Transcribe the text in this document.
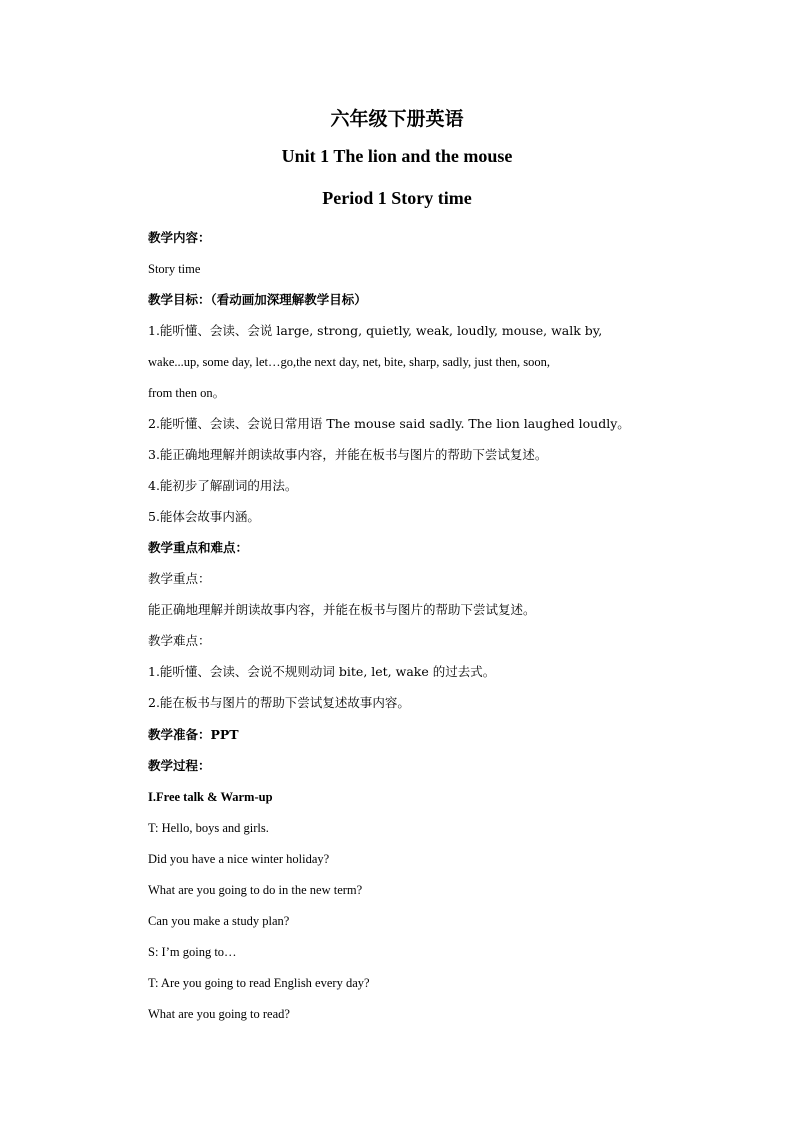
六年级下册英语
Unit 1 The lion and the mouse
Period 1 Story time
教学内容：
Story time
教学目标：（看动画加深理解教学目标）
1.能听懂、会读、会说 large, strong, quietly, weak, loudly, mouse, walk by,
wake...up, some day, let…go,the next day, net, bite, sharp, sadly, just then, soon,
from then on。
2.能听懂、会读、会说日常用语 The mouse said sadly. The lion laughed loudly。
3.能正确地理解并朗读故事内容，并能在板书与图片的帮助下尝试复述。
4.能初步了解副词的用法。
5.能体会故事内涵。
教学重点和难点：
教学重点：
能正确地理解并朗读故事内容，并能在板书与图片的帮助下尝试复述。
教学难点：
1.能听懂、会读、会说不规则动词 bite, let, wake 的过去式。
2.能在板书与图片的帮助下尝试复述故事内容。
教学准备：PPT
教学过程：
I.Free talk & Warm-up
T: Hello, boys and girls.
Did you have a nice winter holiday?
What are you going to do in the new term?
Can you make a study plan?
S: I’m going to…
T: Are you going to read English every day?
What are you going to read?
